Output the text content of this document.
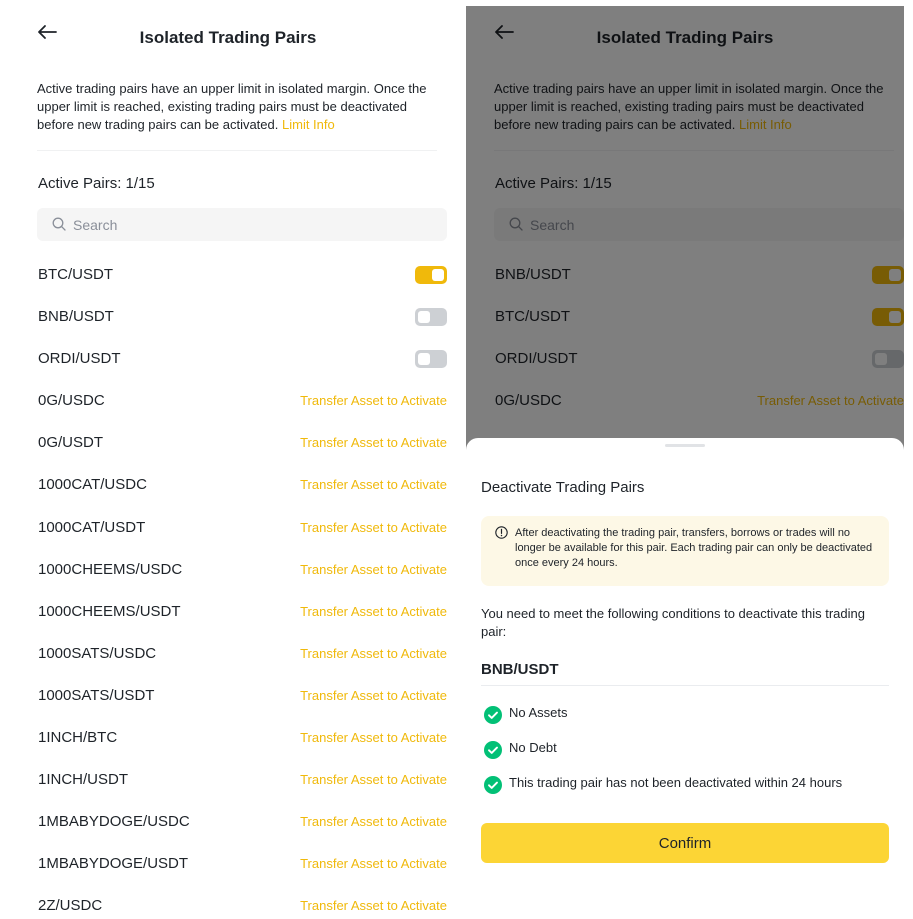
Isolated Trading Pairs
Active trading pairs have an upper limit in isolated margin. Once the upper limit is reached, existing trading pairs must be deactivated before new trading pairs can be activated. Limit Info
Active Pairs: 1/15
Search
BTC/USDT
BNB/USDT
ORDI/USDT
0G/USDC	Transfer Asset to Activate
0G/USDT	Transfer Asset to Activate
1000CAT/USDC	Transfer Asset to Activate
1000CAT/USDT	Transfer Asset to Activate
1000CHEEMS/USDC	Transfer Asset to Activate
1000CHEEMS/USDT	Transfer Asset to Activate
1000SATS/USDC	Transfer Asset to Activate
1000SATS/USDT	Transfer Asset to Activate
1INCH/BTC	Transfer Asset to Activate
1INCH/USDT	Transfer Asset to Activate
1MBABYDOGE/USDC	Transfer Asset to Activate
1MBABYDOGE/USDT	Transfer Asset to Activate
2Z/USDC	Transfer Asset to Activate
Search
Deactivate Trading Pairs
After deactivating the trading pair, transfers, borrows or trades will no longer be available for this pair. Each trading pair can only be deactivated once every 24 hours.
You need to meet the following conditions to deactivate this trading pair:
BNB/USDT
No Assets
No Debt
This trading pair has not been deactivated within 24 hours
Confirm
